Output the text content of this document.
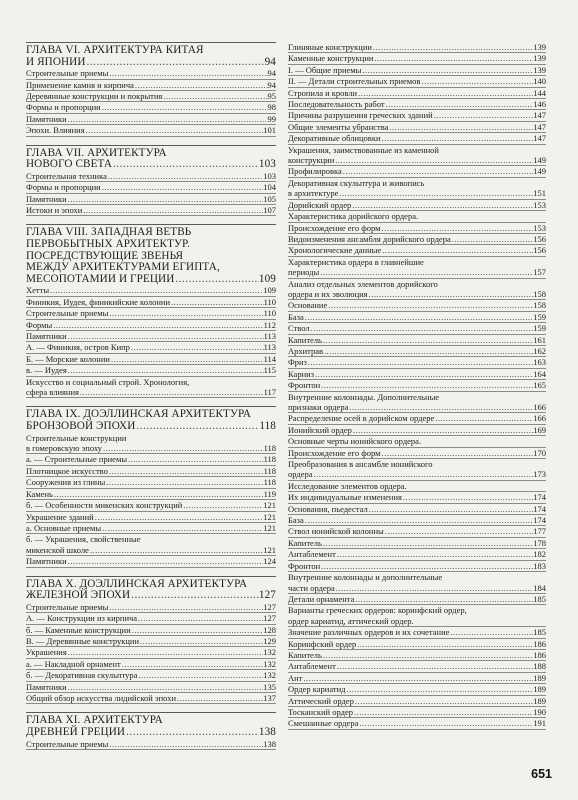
ГЛАВА VI. АРХИТЕКТУРА КИТАЯ
И ЯПОНИИ .....	94
Строительные приемы .....	94
Применение камня и кирпича .....	94
Деревянные конструкции и покрытия .....	95
Формы и пропорции .....	98
Памятники .....	99
Эпохи. Влияния .....	101
ГЛАВА VII. АРХИТЕКТУРА
НОВОГО СВЕТА .....	103
Строительная техника .....	103
Формы и пропорции .....	104
Памятники .....	105
Истоки и эпохи .....	107
ГЛАВА VIII. ЗАПАДНАЯ ВЕТВЬ
ПЕРВОБЫТНЫХ АРХИТЕКТУР.
ПОСРЕДСТВУЮЩИЕ ЗВЕНЬЯ
МЕЖДУ АРХИТЕКТУРАМИ ЕГИПТА,
МЕСОПОТАМИИ И ГРЕЦИИ .....	109
Хетты .....	109
Финикия, Иудея, финикийские колонии .....	110
Строительные приемы .....	110
Формы .....	112
Памятники .....	113
А. — Финикия, остров Кипр .....	113
Б. — Морские колонии .....	114
в. — Иудея .....	115
Искусство и социальный строй. Хронология,
сфера влияния .....	117
ГЛАВА IX. ДОЭЛЛИНСКАЯ АРХИТЕКТУРА
БРОНЗОВОЙ ЭПОХИ .....	118
Строительные конструкции
в гомеровскую эпоху .....	118
а. — Строительные приемы .....	118
Плотницкое искусство .....	118
Сооружения из глины .....	118
Камень .....	119
б. — Особенности микенских конструкций .....	121
Украшение зданий .....	121
а. Основные приемы .....	121
б. — Украшения, свойственные
микенской школе .....	121
Памятники .....	124
ГЛАВА X. ДОЭЛЛИНСКАЯ АРХИТЕКТУРА
ЖЕЛЕЗНОЙ ЭПОХИ .....	127
Строительные приемы .....	127
А. — Конструкции из кирпича .....	127
б. — Каменные конструкции .....	128
В. — Деревянные конструкции .....	129
Украшения .....	132
а. — Накладной орнамент .....	132
б. — Декоративная скульптура .....	132
Памятники .....	135
Общий обзор искусства лидийской эпохи .....	137
ГЛАВА XI. АРХИТЕКТУРА
ДРЕВНЕЙ ГРЕЦИИ .....	138
Строительные приемы .....	138
Глиняные конструкции .....	139
Каменные конструкции .....	139
I. — Общие приемы .....	139
II. — Детали строительных приемов .....	140
Стропила и кровли .....	144
Последовательность работ .....	146
Причины разрушения греческих зданий .....	147
Общие элементы убранства .....	147
Декоративные облицовки .....	147
Украшения, заимствованные из каменной
конструкции .....	149
Профилировка .....	149
Декоративная скульптура и живопись
в архитектуре .....	151
Дорийский ордер .....	153
Характеристика дорийского ордера.
Происхождение его форм .....	153
Видоизменения ансамбля дорийского ордера .....	156
Хронологические данные .....	156
Характеристика ордера в главнейшие
периоды .....	157
Анализ отдельных элементов дорийского
ордера и их эволюция .....	158
Основание .....	158
База .....	159
Ствол .....	159
Капитель .....	161
Архитрав .....	162
Фриз .....	163
Карниз .....	164
Фронтон .....	165
Внутренние колоннады. Дополнительные
признаки ордера .....	166
Распределение осей в дорийском ордере .....	166
Ионийский ордер .....	169
Основные черты ионийского ордера.
Происхождение его форм .....	170
Преобразования в ансамбле ионийского
ордера .....	173
Исследование элементов ордера.
Их индивидуальные изменения .....	174
Основания, пьедестал .....	174
База .....	174
Ствол ионийской колонны .....	177
Капитель .....	178
Антаблемент .....	182
Фронтон .....	183
Внутренние колоннады и дополнительные
части ордера .....	184
Детали орнамента .....	185
Варианты греческих ордеров: коринфский ордер,
ордер кариатид, аттический ордер.
Значение различных ордеров и их сочетание .....	185
Коринфский ордер .....	186
Капитель .....	186
Антаблемент .....	188
Ант .....	189
Ордер кариатид .....	189
Аттический ордер .....	189
Тосканский ордер .....	190
Смешанные ордера .....	191
651
